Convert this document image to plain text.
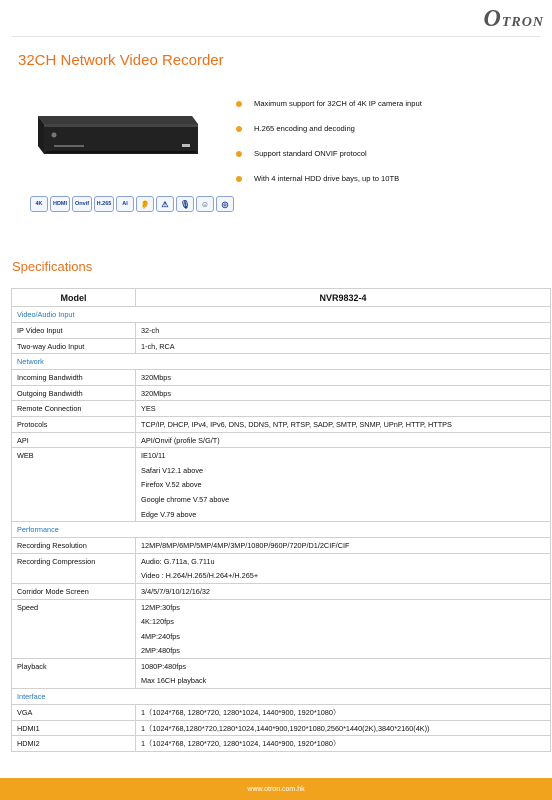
OTRON
32CH Network Video Recorder
Maximum support for 32CH of 4K IP camera input
H.265 encoding and decoding
Support standard ONVIF protocol
With 4 internal HDD drive bays, up to 10TB
4K	HDMI	Onvif	H.265	AI	👂	⚠	🎙	☺	◎
Specifications
Model	NVR9832-4
Video/Audio Input	

IP Video Input	32-ch

Two-way Audio Input	1-ch, RCA

Network	

Incoming Bandwidth	320Mbps

Outgoing Bandwidth	320Mbps

Remote Connection	YES

Protocols	TCP/IP, DHCP, IPv4, IPv6, DNS, DDNS, NTP, RTSP, SADP, SMTP, SNMP, UPnP, HTTP, HTTPS

API	API/Onvif (profile S/G/T)

WEB	IE10/11
Safari V12.1 above
Firefox V.52 above
Google chrome V.57 above
Edge V.79 above

Performance	

Recording Resolution	12MP/8MP/6MP/5MP/4MP/3MP/1080P/960P/720P/D1/2CIF/CIF

Recording Compression	Audio: G.711a, G.711u
Video : H.264/H.265/H.264+/H.265+

Corridor Mode Screen	3/4/5/7/9/10/12/16/32

Speed	12MP:30fps
4K:120fps
4MP:240fps
2MP:480fps

Playback	1080P:480fps
Max 16CH playback

Interface	

VGA	1（1024*768, 1280*720, 1280*1024, 1440*900, 1920*1080）

HDMI1	1（1024*768,1280*720,1280*1024,1440*900,1920*1080,2560*1440(2K),3840*2160(4K))

HDMI2	1（1024*768, 1280*720, 1280*1024, 1440*900, 1920*1080）
www.otron.com.hk
